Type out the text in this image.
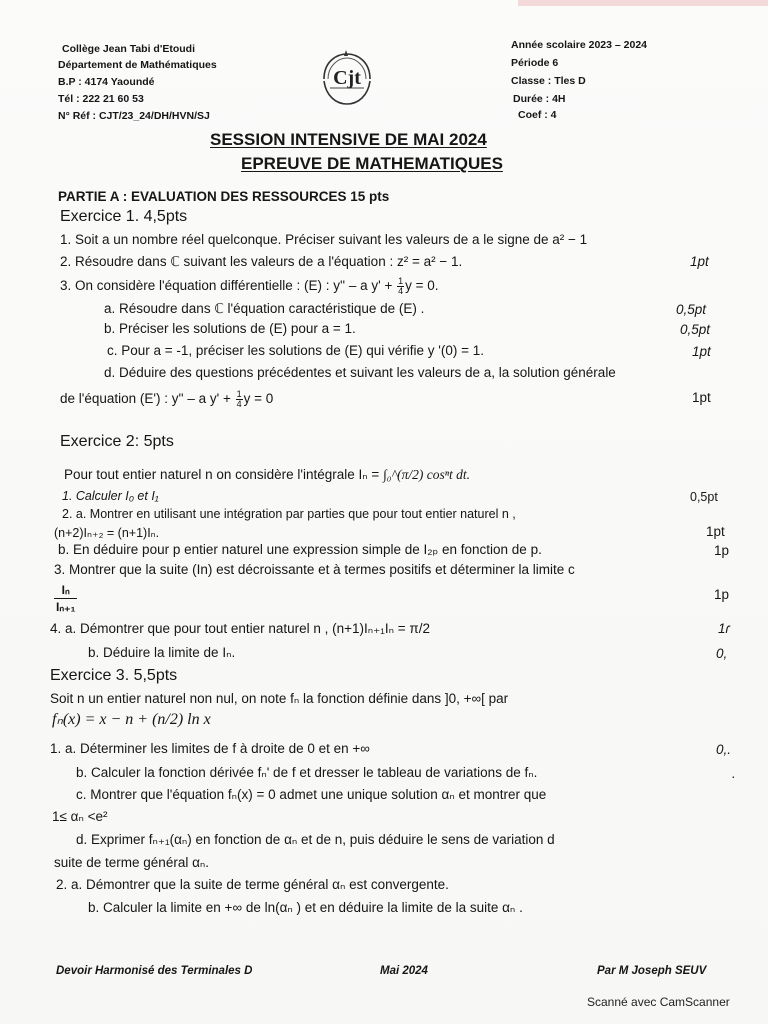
Collège Jean Tabi d'Etoudi
Département de Mathématiques
B.P : 4174 Yaoundé
Tél : 222 21 60 53
N° Réf : CJT/23_24/DH/HVN/SJ
Cjt
Année scolaire 2023 – 2024
Période 6
Classe : Tles D
Durée : 4H
Coef : 4
SESSION INTENSIVE DE MAI 2024
EPREUVE DE MATHEMATIQUES
PARTIE A : EVALUATION DES RESSOURCES 15 pts
Exercice 1. 4,5pts
1. Soit a un nombre réel quelconque. Préciser suivant les valeurs de a le signe de a² − 1
2. Résoudre dans ℂ suivant les valeurs de a l'équation : z² = a² − 1.	1pt
3. On considère l'équation différentielle : (E) : y'' – a $y' + \frac{1}{4}$ y = 0.
a. Résoudre dans ℂ l'équation caractéristique de (E) .	0,5pt
b. Préciser les solutions de (E) pour a = 1.	0,5pt
c. Pour a = -1, préciser les solutions de (E) qui vérifie y '(0) = 1.	1pt
d. Déduire des questions précédentes et suivant les valeurs de a, la solution générale
de l'équation (E') : y'' – a $y' + \frac{1}{4}$ y = 0	1pt
Exercice 2: 5pts
Pour tout entier naturel n on considère l'intégrale Iₙ = ∫₀^(π/2) cosⁿt dt.
1. Calculer I₀ et I₁	0,5pt
2. a. Montrer en utilisant une intégration par parties que pour tout entier naturel n ,
(n+2)Iₙ₊₂ = (n+1)Iₙ.	1pt
b. En déduire pour p entier naturel une expression simple de I₂ₚ en fonction de p.	1p
3. Montrer que la suite (In) est décroissante et à termes positifs et déterminer la limite c
Iₙ
Iₙ₊₁
1p
4. a. Démontrer que pour tout entier naturel n , (n+1)Iₙ₊₁Iₙ = π/2	1ɾ
b. Déduire la limite de Iₙ.	0,
Exercice 3. 5,5pts
Soit n un entier naturel non nul, on note fₙ la fonction définie dans ]0, +∞[ par
fₙ(x) = x − n + (n/2) ln x
1. a. Déterminer les limites de f à droite de 0 et en +∞	0,.
b. Calculer la fonction dérivée fₙ' de f et dresser le tableau de variations de fₙ.	.
c. Montrer que l'équation fₙ(x) = 0 admet une unique solution αₙ et montrer que
1≤ αₙ <e²
d. Exprimer fₙ₊₁(αₙ) en fonction de αₙ et de n, puis déduire le sens de variation d
suite de terme général αₙ.
2. a. Démontrer que la suite de terme général αₙ est convergente.
b. Calculer la limite en +∞ de ln(αₙ ) et en déduire la limite de la suite αₙ .
Devoir Harmonisé des Terminales D	Mai 2024	Par M Joseph SEUV
Scanné avec CamScanner
